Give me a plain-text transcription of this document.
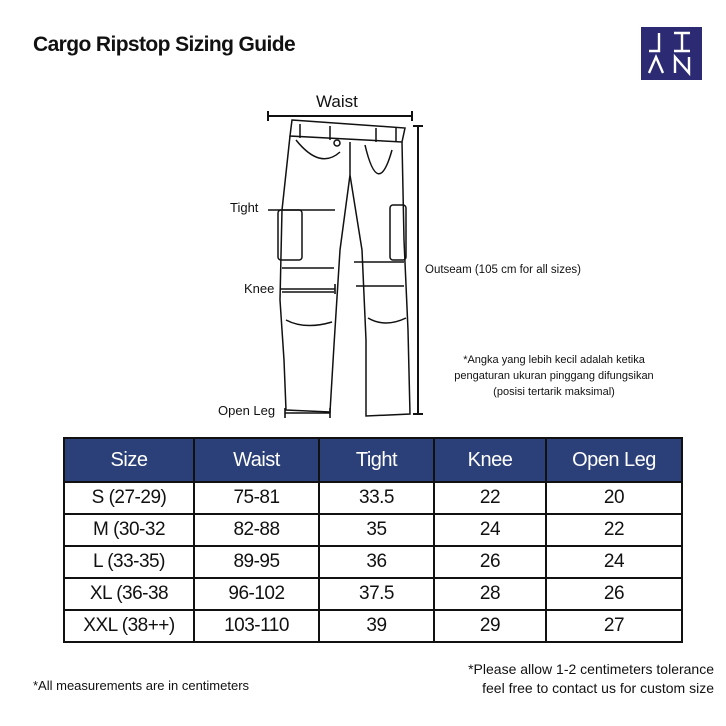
Cargo Ripstop Sizing Guide
Waist
Tight
Knee
Open Leg
Outseam (105 cm for all sizes)
*Angka yang lebih kecil adalah ketika pengaturan ukuran pinggang difungsikan (posisi tertarik maksimal)
Size	Waist	Tight	Knee	Open Leg
S (27-29)	75-81	33.5	22	20
M (30-32	82-88	35	24	22
L (33-35)	89-95	36	26	24
XL (36-38	96-102	37.5	28	26
XXL (38++)	103-110	39	29	27
*All measurements are in centimeters
*Please allow 1-2 centimeters tolerance
feel free to contact us for custom size
